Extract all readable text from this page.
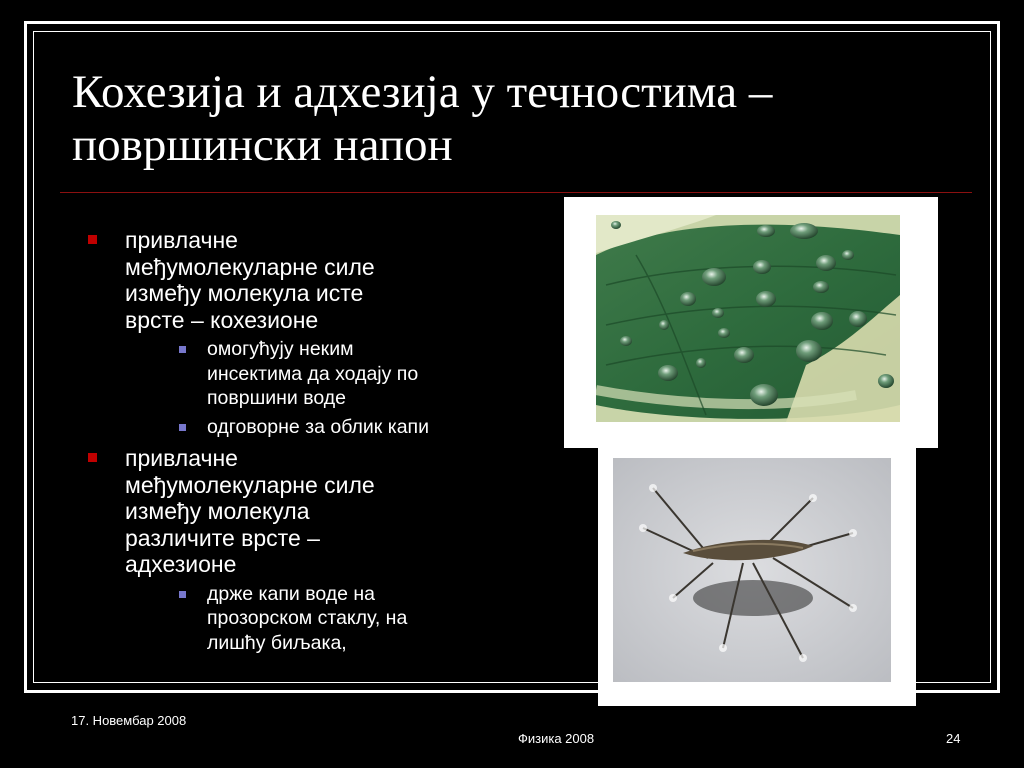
Кохезија и адхезија у течностима –
површински напон
привлачне
међумолекуларне силе
између молекула исте
врсте – кохезионе
омогућују неким
инсектима да ходају по
површини воде
одговорне за облик капи
привлачне
међумолекуларне силе
између молекула
различите врсте –
адхезионе
држе капи воде на
прозорском стаклу, на
лишћу биљака,
17. Новембар 2008
Физика 2008	24
